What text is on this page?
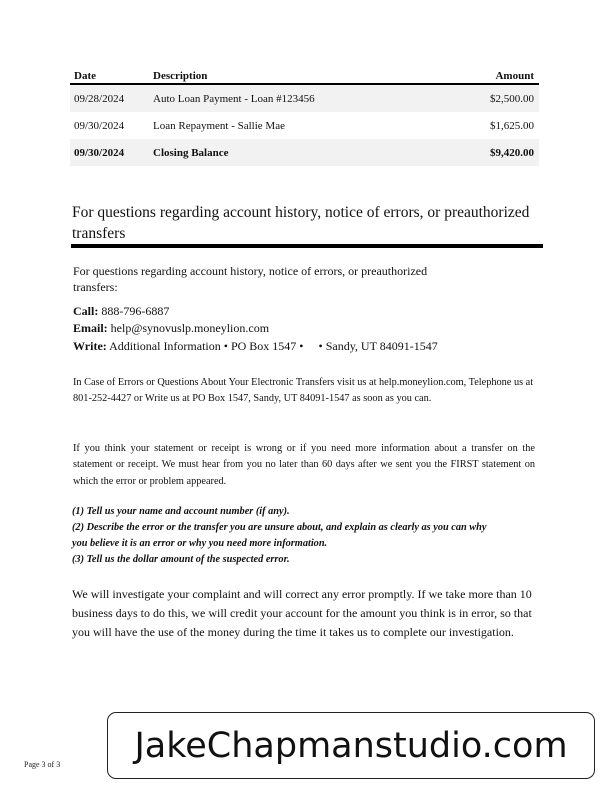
Date	Description	Amount
09/28/2024	Auto Loan Payment - Loan #123456	$2,500.00
09/30/2024	Loan Repayment - Sallie Mae	$1,625.00
09/30/2024	Closing Balance	$9,420.00
For questions regarding account history, notice of errors, or preauthorized transfers
For questions regarding account history, notice of errors, or preauthorized transfers:
Call: 888-796-6887
Email: help@synovuslp.moneylion.com
Write: Additional Information • PO Box 1547 •     • Sandy, UT 84091-1547
In Case of Errors or Questions About Your Electronic Transfers visit us at help.moneylion.com, Telephone us at 801-252-4427 or Write us at PO Box 1547, Sandy, UT 84091-1547 as soon as you can.
If you think your statement or receipt is wrong or if you need more information about a transfer on the statement or receipt. We must hear from you no later than 60 days after we sent you the FIRST statement on which the error or problem appeared.
(1) Tell us your name and account number (if any).
(2) Describe the error or the transfer you are unsure about, and explain as clearly as you can why
you believe it is an error or why you need more information.
(3) Tell us the dollar amount of the suspected error.
We will investigate your complaint and will correct any error promptly. If we take more than 10 business days to do this, we will credit your account for the amount you think is in error, so that you will have the use of the money during the time it takes us to complete our investigation.
Page 3 of 3 JakeChapmanstudio.com
